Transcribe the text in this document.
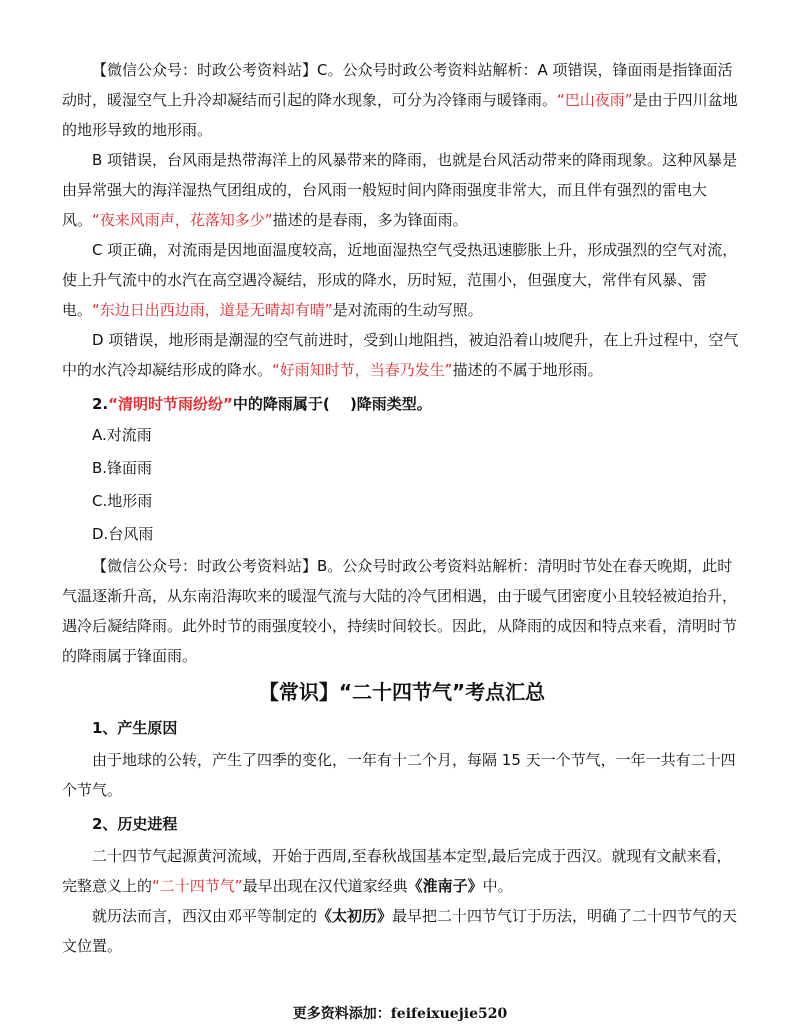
【微信公众号：时政公考资料站】C。公众号时政公考资料站解析：A 项错误，锋面雨是指锋面活动时，暖湿空气上升冷却凝结而引起的降水现象，可分为冷锋雨与暖锋雨。“巴山夜雨”是由于四川盆地的地形导致的地形雨。

B 项错误，台风雨是热带海洋上的风暴带来的降雨，也就是台风活动带来的降雨现象。这种风暴是由异常强大的海洋湿热气团组成的，台风雨一般短时间内降雨强度非常大，而且伴有强烈的雷电大风。“夜来风雨声，花落知多少”描述的是春雨，多为锋面雨。

C 项正确，对流雨是因地面温度较高，近地面湿热空气受热迅速膨胀上升，形成强烈的空气对流，使上升气流中的水汽在高空遇冷凝结，形成的降水，历时短，范围小，但强度大，常伴有风暴、雷电。“东边日出西边雨，道是无晴却有晴”是对流雨的生动写照。

D 项错误，地形雨是潮湿的空气前进时，受到山地阻挡，被迫沿着山坡爬升，在上升过程中，空气中的水汽冷却凝结形成的降水。“好雨知时节，当春乃发生”描述的不属于地形雨。

2.“清明时节雨纷纷”中的降雨属于(　 )降雨类型。

A.对流雨

B.锋面雨

C.地形雨

D.台风雨

【微信公众号：时政公考资料站】B。公众号时政公考资料站解析：清明时节处在春天晚期，此时气温逐渐升高，从东南沿海吹来的暖湿气流与大陆的冷气团相遇，由于暖气团密度小且较轻被迫抬升，遇冷后凝结降雨。此外时节的雨强度较小，持续时间较长。因此，从降雨的成因和特点来看，清明时节的降雨属于锋面雨。

【常识】“二十四节气”考点汇总
1、产生原因

由于地球的公转，产生了四季的变化，一年有十二个月，每隔 15 天一个节气，一年一共有二十四个节气。

2、历史进程

二十四节气起源黄河流域，开始于西周,至春秋战国基本定型,最后完成于西汉。就现有文献来看，完整意义上的“二十四节气”最早出现在汉代道家经典《淮南子》中。

就历法而言，西汉由邓平等制定的《太初历》最早把二十四节气订于历法，明确了二十四节气的天文位置。

更多资料添加：feifeixuejie520
